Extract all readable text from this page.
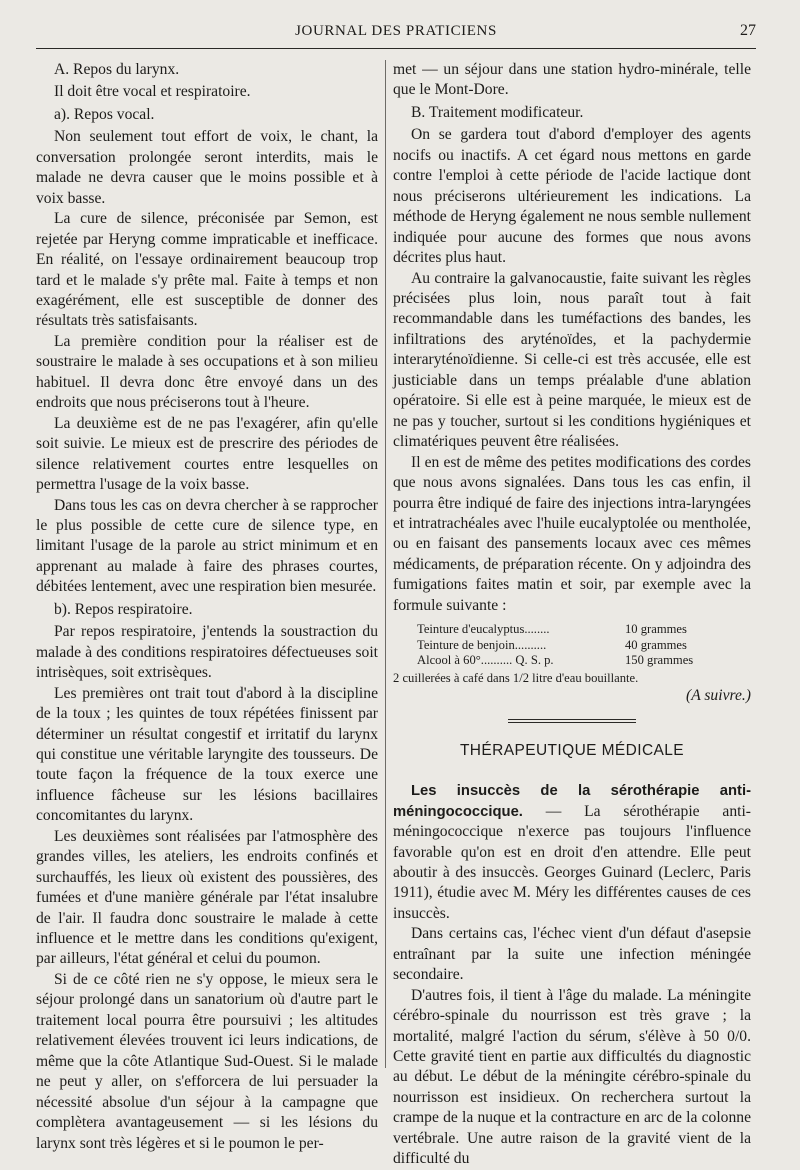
JOURNAL DES PRATICIENS	27

A. Repos du larynx.

Il doit être vocal et respiratoire.

a). Repos vocal.

Non seulement tout effort de voix, le chant, la conversation prolongée seront interdits, mais le malade ne devra causer que le moins possible et à voix basse.

La cure de silence, préconisée par Semon, est rejetée par Heryng comme impraticable et inefficace. En réalité, on l'essaye ordinairement beaucoup trop tard et le malade s'y prête mal. Faite à temps et non exagérément, elle est susceptible de donner des résultats très satisfaisants.

La première condition pour la réaliser est de soustraire le malade à ses occupations et à son milieu habituel. Il devra donc être envoyé dans un des endroits que nous préciserons tout à l'heure.

La deuxième est de ne pas l'exagérer, afin qu'elle soit suivie. Le mieux est de prescrire des périodes de silence relativement courtes entre lesquelles on permettra l'usage de la voix basse.

Dans tous les cas on devra chercher à se rapprocher le plus possible de cette cure de silence type, en limitant l'usage de la parole au strict minimum et en apprenant au malade à faire des phrases courtes, débitées lentement, avec une respiration bien mesurée.

b). Repos respiratoire.

Par repos respiratoire, j'entends la soustraction du malade à des conditions respiratoires défectueuses soit intrisèques, soit extrisèques.

Les premières ont trait tout d'abord à la discipline de la toux ; les quintes de toux répétées finissent par déterminer un résultat congestif et irritatif du larynx qui constitue une véritable laryngite des tousseurs. De toute façon la fréquence de la toux exerce une influence fâcheuse sur les lésions bacillaires concomitantes du larynx.

Les deuxièmes sont réalisées par l'atmosphère des grandes villes, les ateliers, les endroits confinés et surchauffés, les lieux où existent des poussières, des fumées et d'une manière générale par l'état insalubre de l'air. Il faudra donc soustraire le malade à cette influence et le mettre dans les conditions qu'exigent, par ailleurs, l'état général et celui du poumon.

Si de ce côté rien ne s'y oppose, le mieux sera le séjour prolongé dans un sanatorium où d'autre part le traitement local pourra être poursuivi ; les altitudes relativement élevées trouvent ici leurs indications, de même que la côte Atlantique Sud-Ouest. Si le malade ne peut y aller, on s'efforcera de lui persuader la nécessité absolue d'un séjour à la campagne que complètera avantageusement — si les lésions du larynx sont très légères et si le poumon le per-

met — un séjour dans une station hydro-minérale, telle que le Mont-Dore.

B. Traitement modificateur.

On se gardera tout d'abord d'employer des agents nocifs ou inactifs. A cet égard nous mettons en garde contre l'emploi à cette période de l'acide lactique dont nous préciserons ultérieurement les indications. La méthode de Heryng également ne nous semble nullement indiquée pour aucune des formes que nous avons décrites plus haut.

Au contraire la galvanocaustie, faite suivant les règles précisées plus loin, nous paraît tout à fait recommandable dans les tuméfactions des bandes, les infiltrations des aryténoïdes, et la pachydermie interaryténoïdienne. Si celle-ci est très accusée, elle est justiciable dans un temps préalable d'une ablation opératoire. Si elle est à peine marquée, le mieux est de ne pas y toucher, surtout si les conditions hygiéniques et climatériques peuvent être réalisées.

Il en est de même des petites modifications des cordes que nous avons signalées. Dans tous les cas enfin, il pourra être indiqué de faire des injections intra-laryngées et intratrachéales avec l'huile eucalyptolée ou mentholée, ou en faisant des pansements locaux avec ces mêmes médicaments, de préparation récente. On y adjoindra des fumigations faites matin et soir, par exemple avec la formule suivante :

Teinture d'eucalyptus ........	10 grammes
Teinture de benjoin ..........	40 grammes
Alcool à 60° .......... Q. S. p.	150 grammes

2 cuillerées à café dans 1/2 litre d'eau bouillante.

(A suivre.)

THÉRAPEUTIQUE MÉDICALE

Les insuccès de la sérothérapie anti-méningococcique. — La sérothérapie anti-méningococcique n'exerce pas toujours l'influence favorable qu'on est en droit d'en attendre. Elle peut aboutir à des insuccès. Georges Guinard (Leclerc, Paris 1911), étudie avec M. Méry les différentes causes de ces insuccès.

Dans certains cas, l'échec vient d'un défaut d'asepsie entraînant par la suite une infection méningée secondaire.

D'autres fois, il tient à l'âge du malade. La méningite cérébro-spinale du nourrisson est très grave ; la mortalité, malgré l'action du sérum, s'élève à 50 0/0. Cette gravité tient en partie aux difficultés du diagnostic au début. Le début de la méningite cérébro-spinale du nourrisson est insidieux. On recherchera surtout la crampe de la nuque et la contracture en arc de la colonne vertébrale. Une autre raison de la gravité vient de la difficulté du
